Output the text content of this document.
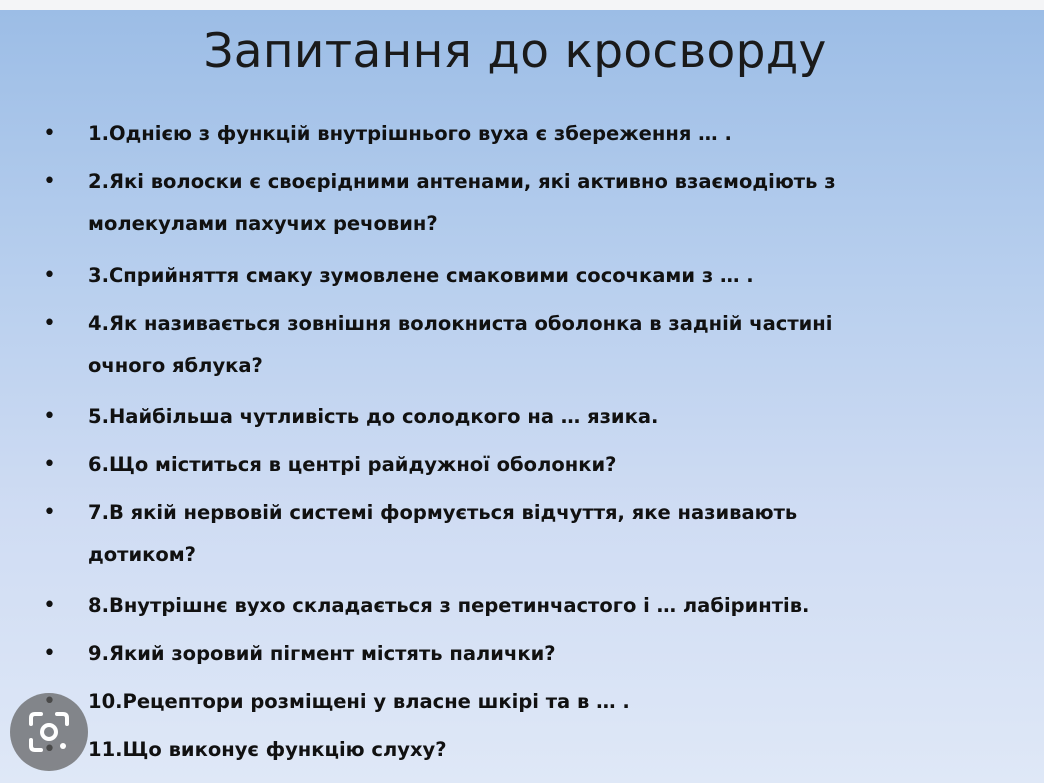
Запитання до кросворду
• 1.Однією з функцій внутрішнього вуха є збереження … .
• 2.Які волоски є своєрідними антенами, які активно взаємодіють з
молекулами пахучих речовин?
• 3.Сприйняття смаку зумовлене смаковими сосочками з … .
• 4.Як називається зовнішня волокниста оболонка в задній частині
очного яблука?
• 5.Найбільша чутливість до солодкого на … язика.
• 6.Що міститься в центрі райдужної оболонки?
• 7.В якій нервовій системі формується відчуття, яке називають
дотиком?
• 8.Внутрішнє вухо складається з перетинчастого і … лабіринтів.
• 9.Який зоровий пігмент містять палички?
10.Рецептори розміщені у власне шкірі та в … .
11.Що виконує функцію слуху?
